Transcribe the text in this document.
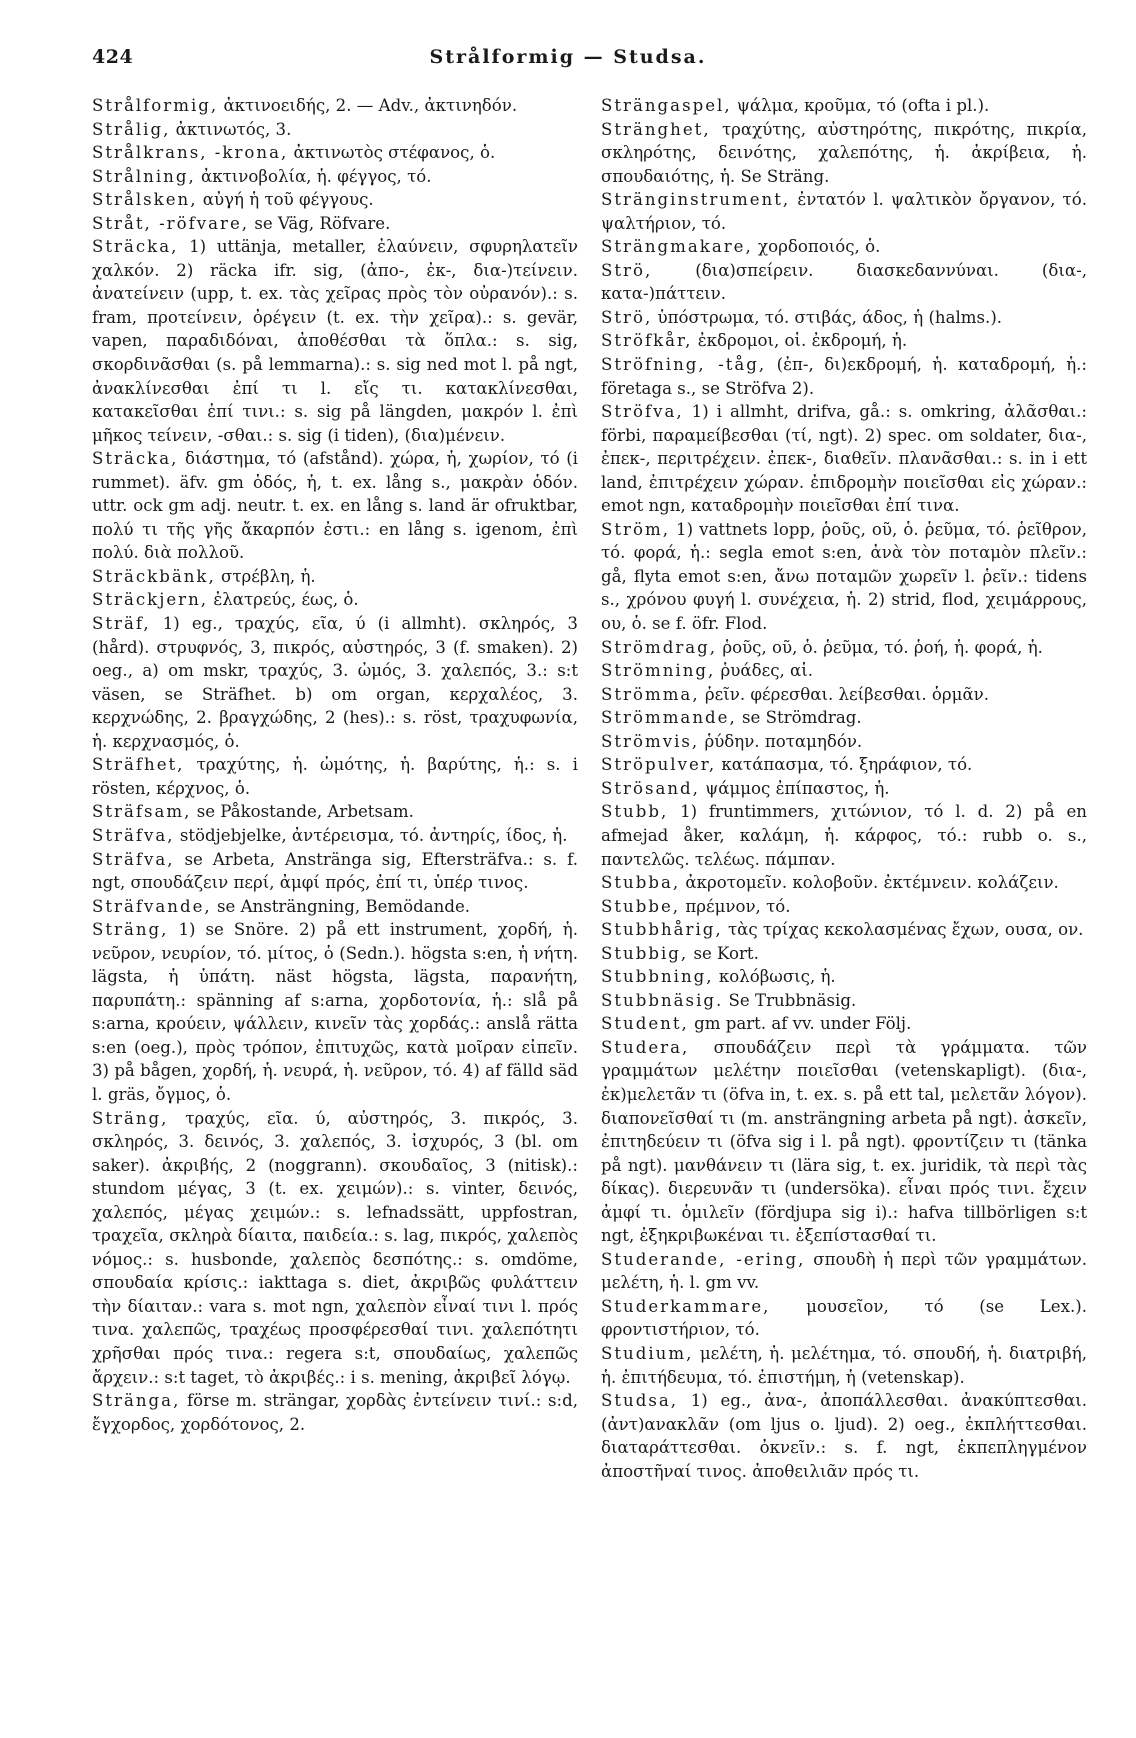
424	Strålformig — Studsa.

Strålformig, ἀκτινοειδής, 2. — Adv., ἀκτινηδόν.

Strålig, ἀκτινωτός, 3.

Strålkrans, -krona, ἀκτινωτὸς στέφανος, ὁ.

Strålning, ἀκτινοβολία, ἡ. φέγγος, τό.

Strålsken, αὐγή ἡ τοῦ φέγγους.

Stråt, -röfvare, se Väg, Röfvare.

Sträcka, 1) uttänja, metaller, ἐλαύνειν, σφυρηλατεῖν χαλκόν. 2) räcka ifr. sig, (ἀπο-, ἐκ-, δια-)τείνειν. ἀνατείνειν (upp, t. ex. τὰς χεῖρας πρὸς τὸν οὐρανόν).: s. fram, προτείνειν, ὀρέγειν (t. ex. τὴν χεῖρα).: s. gevär, vapen, παραδιδόναι, ἀποθέσθαι τὰ ὅπλα.: s. sig, σκορδινᾶσθαι (s. på lemmarna).: s. sig ned mot l. på ngt, ἀνακλίνεσθαι ἐπί τι l. εἴς τι. κατακλίνεσθαι, κατακεῖσθαι ἐπί τινι.: s. sig på längden, μακρόν l. ἐπὶ μῆκος τείνειν, -σθαι.: s. sig (i tiden), (δια)μένειν.

Sträcka, διάστημα, τό (afstånd). χώρα, ἡ, χωρίον, τό (i rummet). äfv. gm ὁδός, ἡ, t. ex. lång s., μακρὰν ὁδόν. uttr. ock gm adj. neutr. t. ex. en lång s. land är ofruktbar, πολύ τι τῆς γῆς ἄκαρπόν ἐστι.: en lång s. igenom, ἐπὶ πολύ. διὰ πολλοῦ.

Sträckbänk, στρέβλη, ἡ.

Sträckjern, ἐλατρεύς, έως, ὁ.

Sträf, 1) eg., τραχύς, εῖα, ύ (i allmht). σκληρός, 3 (hård). στρυφνός, 3, πικρός, αὐστηρός, 3 (f. smaken). 2) oeg., a) om mskr, τραχύς, 3. ὠμός, 3. χαλεπός, 3.: s:t väsen, se Sträfhet. b) om organ, κερχαλέος, 3. κερχνώδης, 2. βραγχώδης, 2 (hes).: s. röst, τραχυφωνία, ἡ. κερχνασμός, ὁ.

Sträfhet, τραχύτης, ἡ. ὠμότης, ἡ. βαρύτης, ἡ.: s. i rösten, κέρχνος, ὁ.

Sträfsam, se Påkostande, Arbetsam.

Sträfva, stödjebjelke, ἀντέρεισμα, τό. ἀντηρίς, ίδος, ἡ.

Sträfva, se Arbeta, Anstränga sig, Eftersträfva.: s. f. ngt, σπουδάζειν περί, ἀμφί πρός, ἐπί τι, ὑπέρ τινος.

Sträfvande, se Ansträngning, Bemödande.

Sträng, 1) se Snöre. 2) på ett instrument, χορδή, ἡ. νεῦρον, νευρίον, τό. μίτος, ὁ (Sedn.). högsta s:en, ἡ νήτη. lägsta, ἡ ὑπάτη. näst högsta, lägsta, παρανήτη, παρυπάτη.: spänning af s:arna, χορδοτονία, ἡ.: slå på s:arna, κρούειν, ψάλλειν, κινεῖν τὰς χορδάς.: anslå rätta s:en (oeg.), πρὸς τρόπον, ἐπιτυχῶς, κατὰ μοῖραν εἰπεῖν. 3) på bågen, χορδή, ἡ. νευρά, ἡ. νεῦρον, τό. 4) af fälld säd l. gräs, ὄγμος, ὁ.

Sträng, τραχύς, εῖα. ύ, αὐστηρός, 3. πικρός, 3. σκληρός, 3. δεινός, 3. χαλεπός, 3. ἰσχυρός, 3 (bl. om saker). ἀκριβής, 2 (noggrann). σκουδαῖος, 3 (nitisk).: stundom μέγας, 3 (t. ex. χειμών).: s. vinter, δεινός, χαλεπός, μέγας χειμών.: s. lefnadssätt, uppfostran, τραχεῖα, σκληρὰ δίαιτα, παιδεία.: s. lag, πικρός, χαλεπὸς νόμος.: s. husbonde, χαλεπὸς δεσπότης.: s. omdöme, σπουδαία κρίσις.: iakttaga s. diet, ἀκριβῶς φυλάττειν τὴν δίαιταν.: vara s. mot ngn, χαλεπὸν εἶναί τινι l. πρός τινα. χαλεπῶς, τραχέως προσφέρεσθαί τινι. χαλεπότητι χρῆσθαι πρός τινα.: regera s:t, σπουδαίως, χαλεπῶς ἄρχειν.: s:t taget, τὸ ἀκριβές.: i s. mening, ἀκριβεῖ λόγῳ.

Stränga, förse m. strängar, χορδὰς ἐντείνειν τινί.: s:d, ἔγχορδος, χορδότονος, 2.

Strängaspel, ψάλμα, κροῦμα, τό (ofta i pl.).

Stränghet, τραχύτης, αὐστηρότης, πικρότης, πικρία, σκληρότης, δεινότης, χαλεπότης, ἡ. ἀκρίβεια, ἡ. σπουδαιότης, ἡ. Se Sträng.

Stränginstrument, ἐντατόν l. ψαλτικὸν ὄργανον, τό. ψαλτήριον, τό.

Strängmakare, χορδοποιός, ὁ.

Strö, (δια)σπείρειν. διασκεδαννύναι. (δια-, κατα-)πάττειν.

Strö, ὑπόστρωμα, τό. στιβάς, άδος, ἡ (halms.).

Ströfkår, ἐκδρομοι, οἱ. ἐκδρομή, ἡ.

Ströfning, -tåg, (ἐπ-, δι)εκδρομή, ἡ. καταδρομή, ἡ.: företaga s., se Ströfva 2).

Ströfva, 1) i allmht, drifva, gå.: s. omkring, ἀλᾶσθαι.: förbi, παραμείβεσθαι (τί, ngt). 2) spec. om soldater, δια-, ἐπεκ-, περιτρέχειν. ἐπεκ-, διαθεῖν. πλανᾶσθαι.: s. in i ett land, ἐπιτρέχειν χώραν. ἐπιδρομὴν ποιεῖσθαι εἰς χώραν.: emot ngn, καταδρομὴν ποιεῖσθαι ἐπί τινα.

Ström, 1) vattnets lopp, ῥοῦς, οῦ, ὁ. ῥεῦμα, τό. ῥεῖθρον, τό. φορά, ἡ.: segla emot s:en, ἀνὰ τὸν ποταμὸν πλεῖν.: gå, flyta emot s:en, ἄνω ποταμῶν χωρεῖν l. ῥεῖν.: tidens s., χρόνου φυγή l. συνέχεια, ἡ. 2) strid, flod, χειμάρρους, ου, ὁ. se f. öfr. Flod.

Strömdrag, ῥοῦς, οῦ, ὁ. ῥεῦμα, τό. ῥοή, ἡ. φορά, ἡ.

Strömning, ῥυάδες, αἱ.

Strömma, ῥεῖν. φέρεσθαι. λείβεσθαι. ὁρμᾶν.

Strömmande, se Strömdrag.

Strömvis, ῥύδην. ποταμηδόν.

Ströpulver, κατάπασμα, τό. ξηράφιον, τό.

Strösand, ψάμμος ἐπίπαστος, ἡ.

Stubb, 1) fruntimmers, χιτώνιον, τό l. d. 2) på en afmejad åker, καλάμη, ἡ. κάρφος, τό.: rubb o. s., παντελῶς. τελέως. πάμπαν.

Stubba, ἀκροτομεῖν. κολοβοῦν. ἐκτέμνειν. κολάζειν.

Stubbe, πρέμνον, τό.

Stubbhårig, τὰς τρίχας κεκολασμένας ἔχων, ουσα, ον.

Stubbig, se Kort.

Stubbning, κολόβωσις, ἡ.

Stubbnäsig. Se Trubbnäsig.

Student, gm part. af vv. under Följ.

Studera, σπουδάζειν περὶ τὰ γράμματα. τῶν γραμμάτων μελέτην ποιεῖσθαι (vetenskapligt). (δια-, ἐκ)μελετᾶν τι (öfva in, t. ex. s. på ett tal, μελετᾶν λόγον). διαπονεῖσθαί τι (m. ansträngning arbeta på ngt). ἀσκεῖν, ἐπιτηδεύειν τι (öfva sig i l. på ngt). φροντίζειν τι (tänka på ngt). μανθάνειν τι (lära sig, t. ex. juridik, τὰ περὶ τὰς δίκας). διερευνᾶν τι (undersöka). εἶναι πρός τινι. ἔχειν ἀμφί τι. ὁμιλεῖν (fördjupa sig i).: hafva tillbörligen s:t ngt, ἐξηκριβωκέναι τι. ἐξεπίστασθαί τι.

Studerande, -ering, σπουδὴ ἡ περὶ τῶν γραμμάτων. μελέτη, ἡ. l. gm vv.

Studerkammare, μουσεῖον, τό (se Lex.). φροντιστήριον, τό.

Studium, μελέτη, ἡ. μελέτημα, τό. σπουδή, ἡ. διατριβή, ἡ. ἐπιτήδευμα, τό. ἐπιστήμη, ἡ (vetenskap).

Studsa, 1) eg., ἀνα-, ἀποπάλλεσθαι. ἀνακύπτεσθαι. (ἀντ)ανακλᾶν (om ljus o. ljud). 2) oeg., ἐκπλήττεσθαι. διαταράττεσθαι. ὀκνεῖν.: s. f. ngt, ἐκπεπληγμένον ἀποστῆναί τινος. ἀποθειλιᾶν πρός τι.
